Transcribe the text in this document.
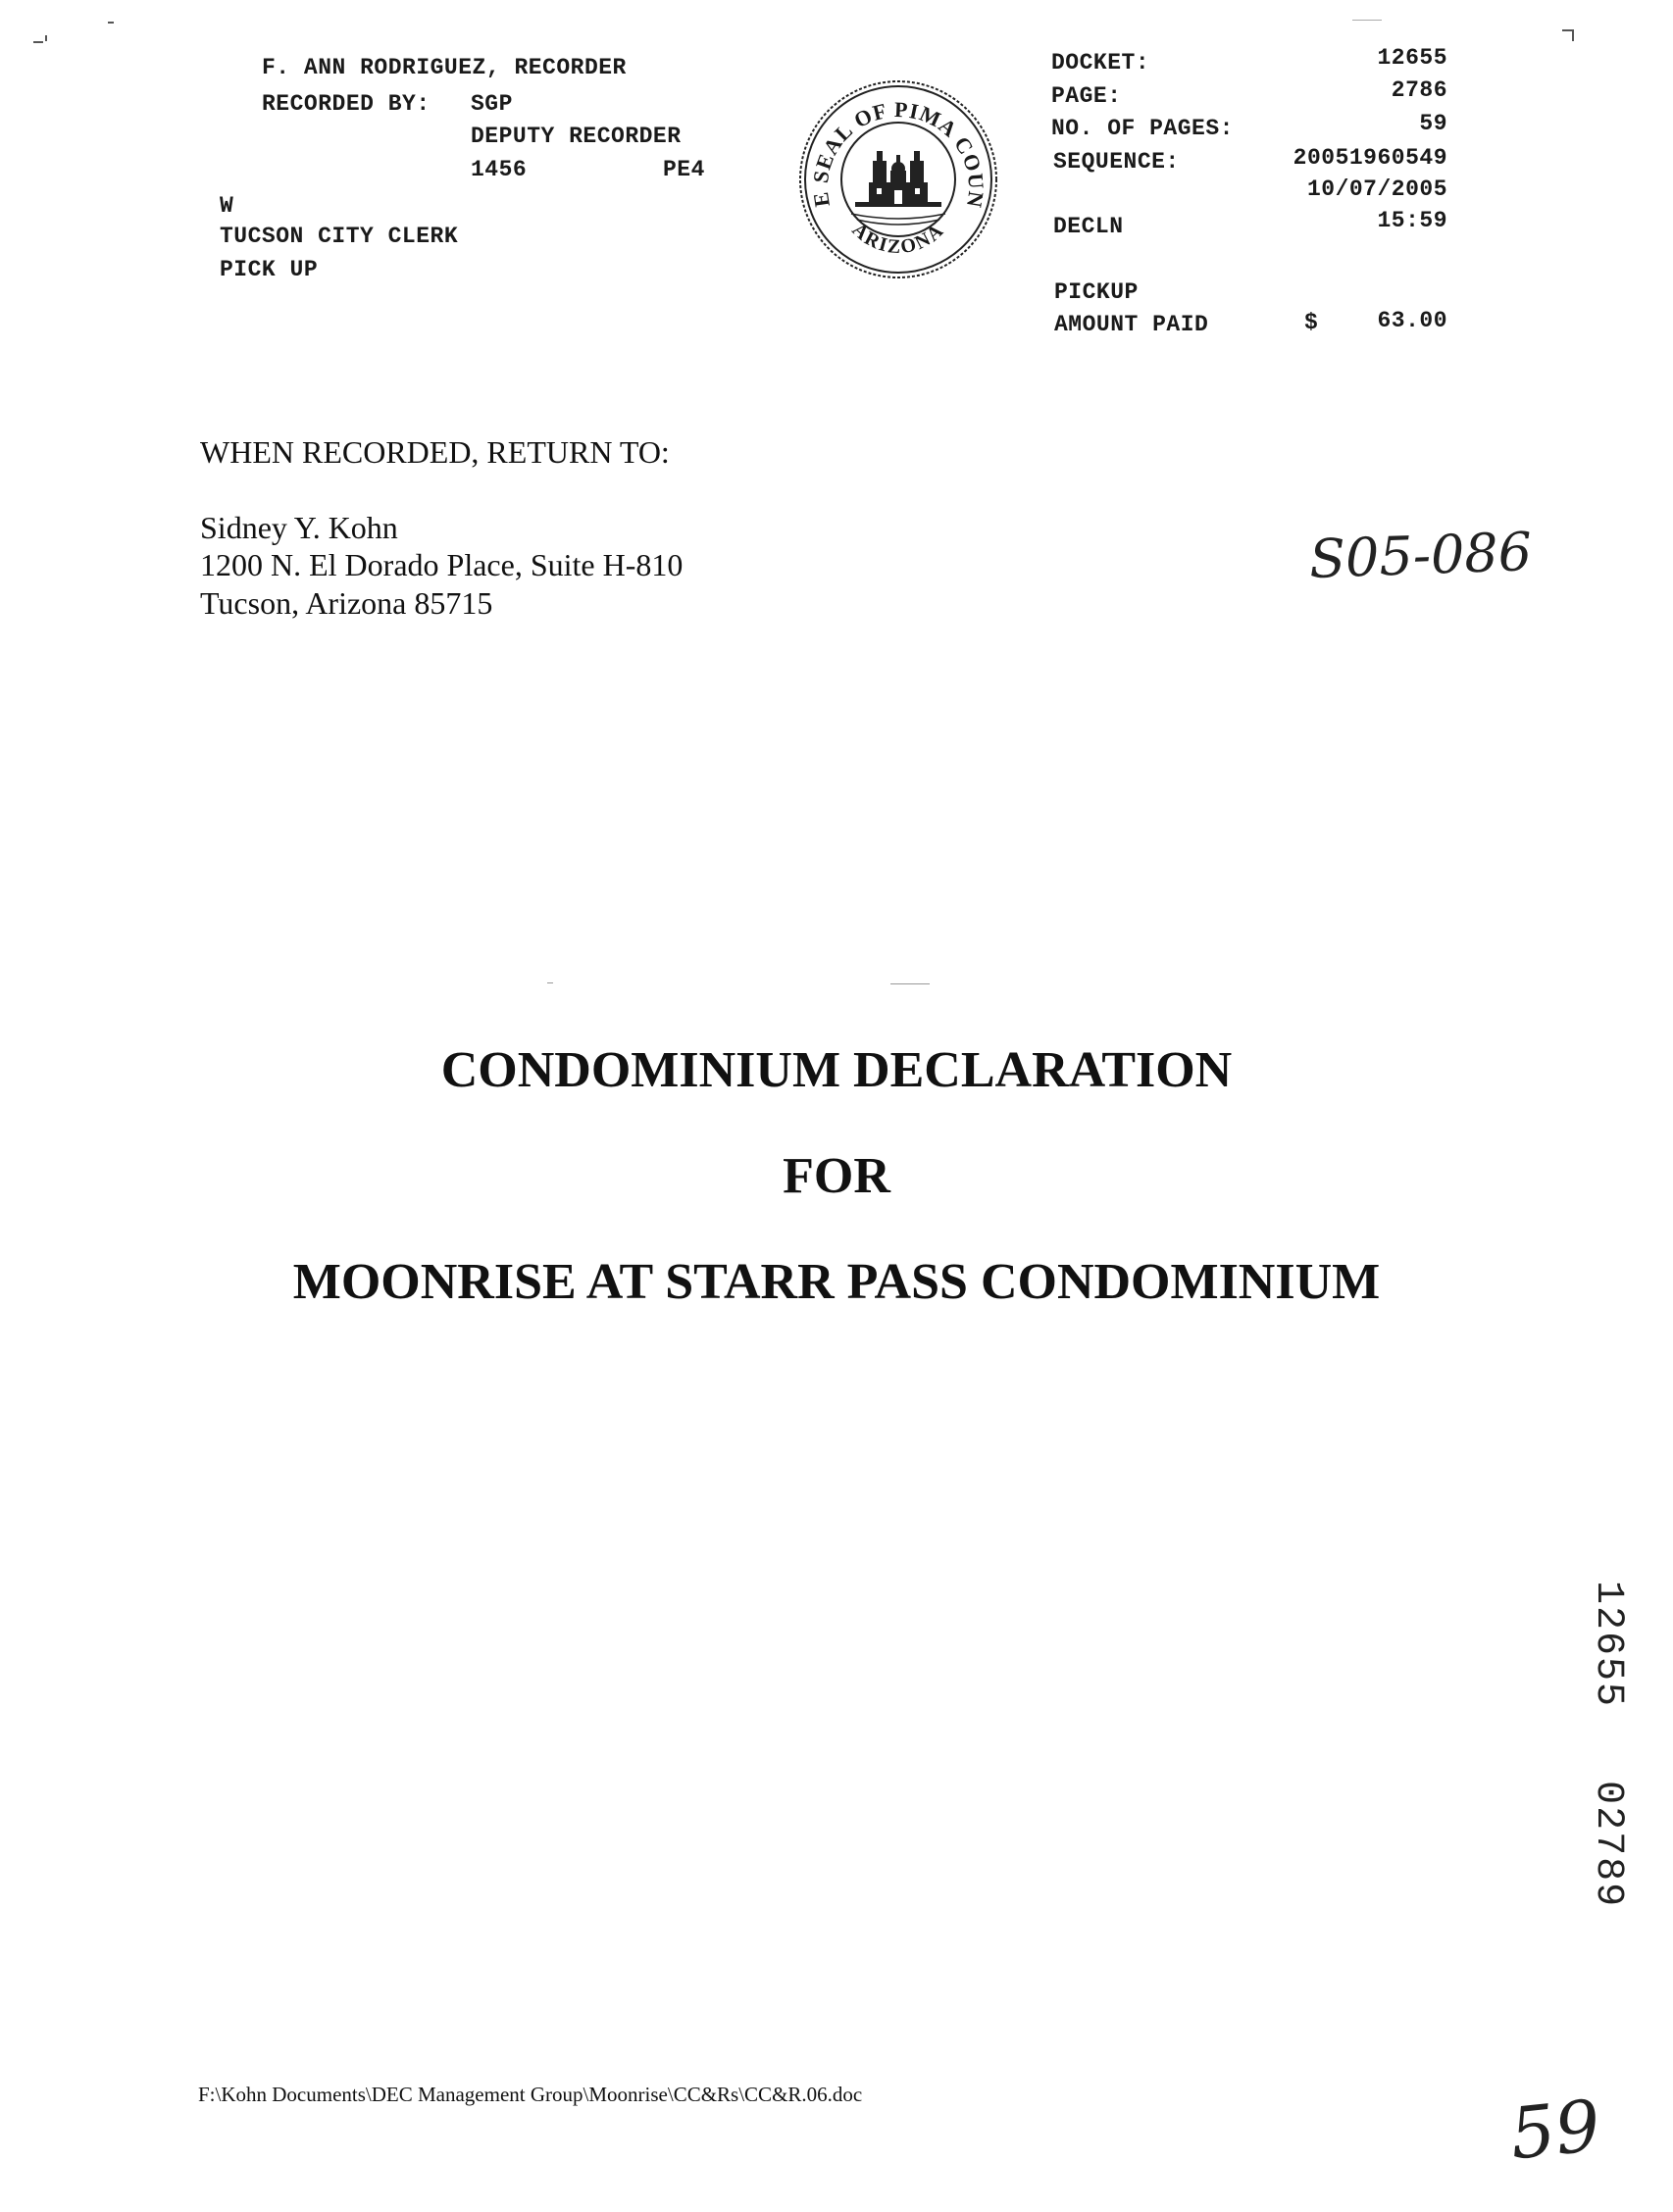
F. ANN RODRIGUEZ, RECORDER
RECORDED BY: SGP
DEPUTY RECORDER
1456	PE4
W
TUCSON CITY CLERK
PICK UP
E SEAL OF PIMA COUN
ARIZONA
DOCKET:	12655
PAGE:	2786
NO. OF PAGES:	59
SEQUENCE:	20051960549
10/07/2005
DECLN	15:59
PICKUP
AMOUNT PAID	$	63.00
WHEN RECORDED, RETURN TO:
Sidney Y. Kohn
1200 N. El Dorado Place, Suite H-810
Tucson, Arizona 85715
S05-086
CONDOMINIUM DECLARATION
FOR
MOONRISE AT STARR PASS CONDOMINIUM
12655  02789
F:\Kohn Documents\DEC Management Group\Moonrise\CC&Rs\CC&R.06.doc	59
